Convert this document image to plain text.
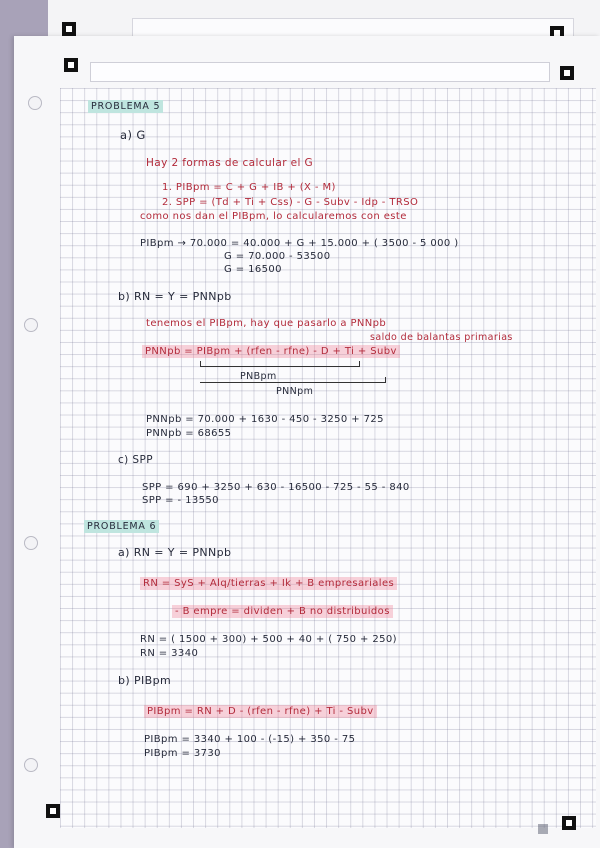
PROBLEMA 5
a) G
Hay 2 formas de calcular el G
1. PIBpm = C + G + IB + (X - M)
2. SPP = (Td + Ti + Css) - G - Subv - Idp - TRSO
como nos dan el PIBpm, lo calcularemos con este
PIBpm → 70.000 = 40.000 + G + 15.000 + ( 3500 - 5 000 )
G = 70.000 - 53500
G = 16500
b) RN = Y = PNNpb
tenemos el PIBpm, hay que pasarlo a PNNpb
saldo de balantas primarias
PNNpb = PIBpm + (rfen - rfne) - D + Ti + Subv
PNBpm
PNNpm
PNNpb = 70.000 + 1630 - 450 - 3250 + 725
PNNpb = 68655
c) SPP
SPP = 690 + 3250 + 630 - 16500 - 725 - 55 - 840
SPP = - 13550
PROBLEMA 6
a) RN = Y = PNNpb
RN = SyS + Alq/tierras + Ik + B empresariales
- B empre = dividen + B no distribuidos
RN = ( 1500 + 300) + 500 + 40 + ( 750 + 250)
RN = 3340
b) PIBpm
PIBpm = RN + D - (rfen - rfne) + Ti - Subv
PIBpm = 3340 + 100 - (-15) + 350 - 75
PIBpm = 3730
